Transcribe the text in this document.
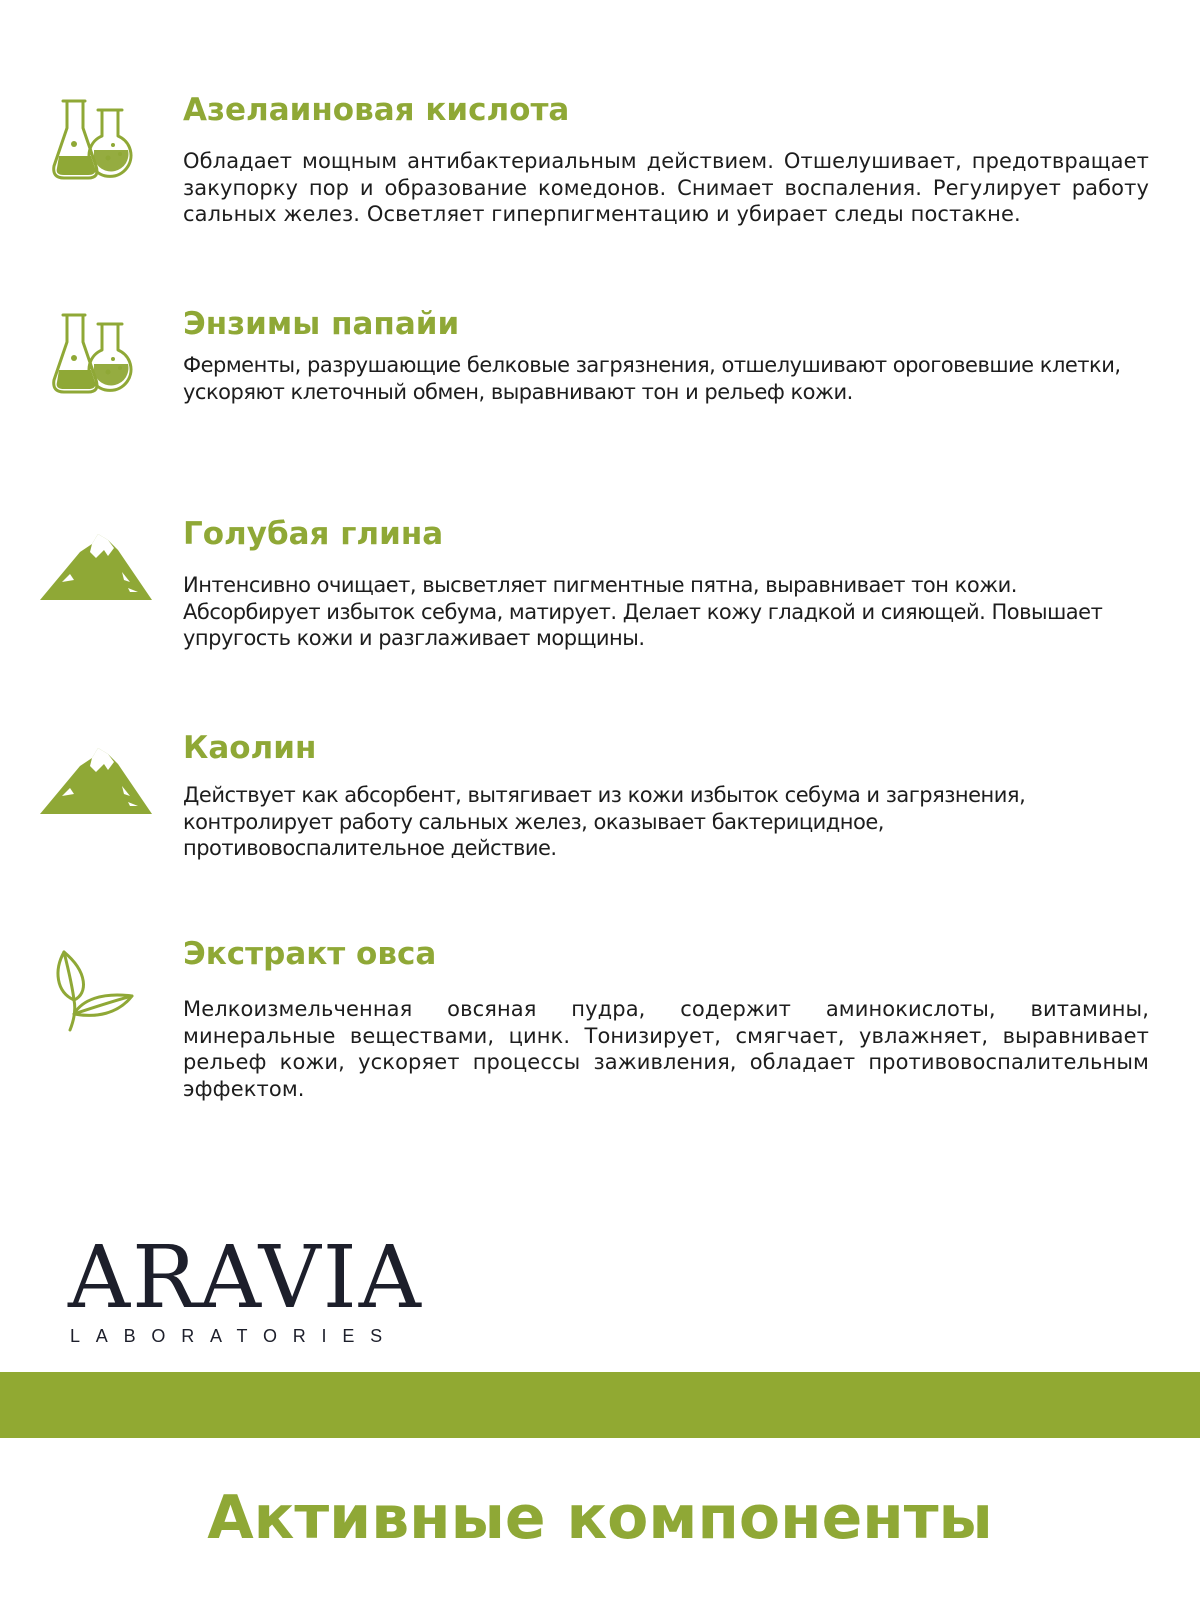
Азелаиновая кислота

Обладает мощным антибактериальным действием. Отшелушивает, предотвращает закупорку пор и образование комедонов. Снимает воспаления. Регулирует работу сальных желез. Осветляет гиперпигментацию и убирает следы постакне.

Энзимы папайи

Ферменты, разрушающие белковые загрязнения, отшелушивают ороговевшие клетки, ускоряют клеточный обмен, выравнивают тон и рельеф кожи.

Голубая глина

Интенсивно очищает, высветляет пигментные пятна, выравнивает тон кожи. Абсорбирует избыток себума, матирует. Делает кожу гладкой и сияющей. Повышает упругость кожи и разглаживает морщины.

Каолин

Действует как абсорбент, вытягивает из кожи избыток себума и загрязнения, контролирует работу сальных желез, оказывает бактерицидное, противовоспалительное действие.

Экстракт овса

Мелкоизмельченная овсяная пудра, содержит аминокислоты, витамины, минеральные веществами, цинк. Тонизирует, смягчает, увлажняет, выравнивает рельеф кожи, ускоряет процессы заживления, обладает противовоспалительным эффектом.

ARAVIA

LABORATORIES

Активные компоненты
